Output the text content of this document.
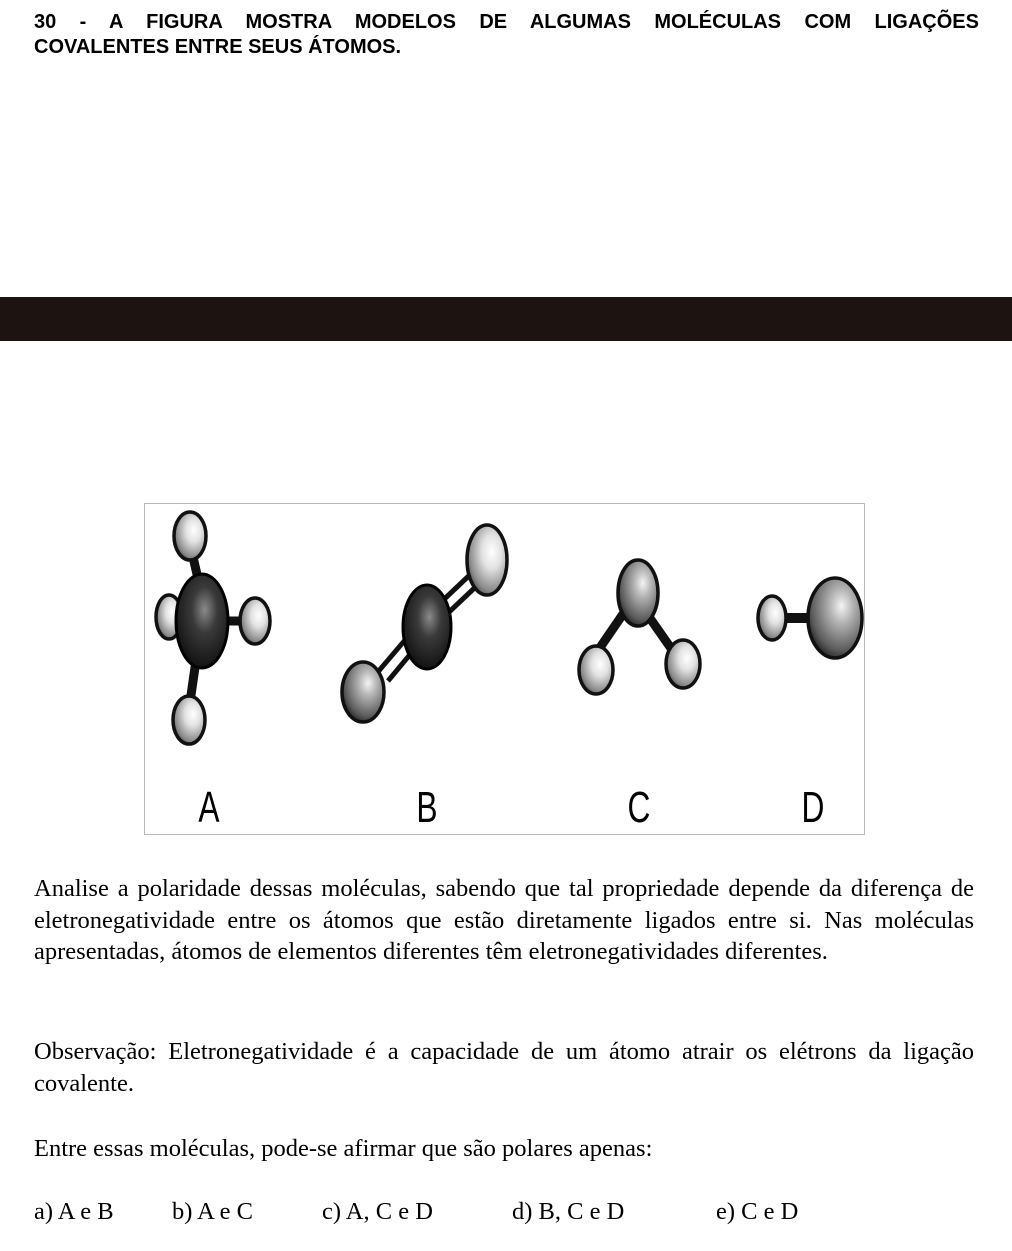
30 - A FIGURA MOSTRA MODELOS DE ALGUMAS MOLÉCULAS COM LIGAÇÕES
COVALENTES ENTRE SEUS ÁTOMOS.
A	B	C	D
Analise a polaridade dessas moléculas, sabendo que tal propriedade depende da diferença de eletronegatividade entre os átomos que estão diretamente ligados entre si. Nas moléculas apresentadas, átomos de elementos diferentes têm eletronegatividades diferentes.
Observação: Eletronegatividade é a capacidade de um átomo atrair os elétrons da ligação covalente.
Entre essas moléculas, pode-se afirmar que são polares apenas:
a) A e B b) A e C	c) A, C e D	d) B, C e D	e) C e D
